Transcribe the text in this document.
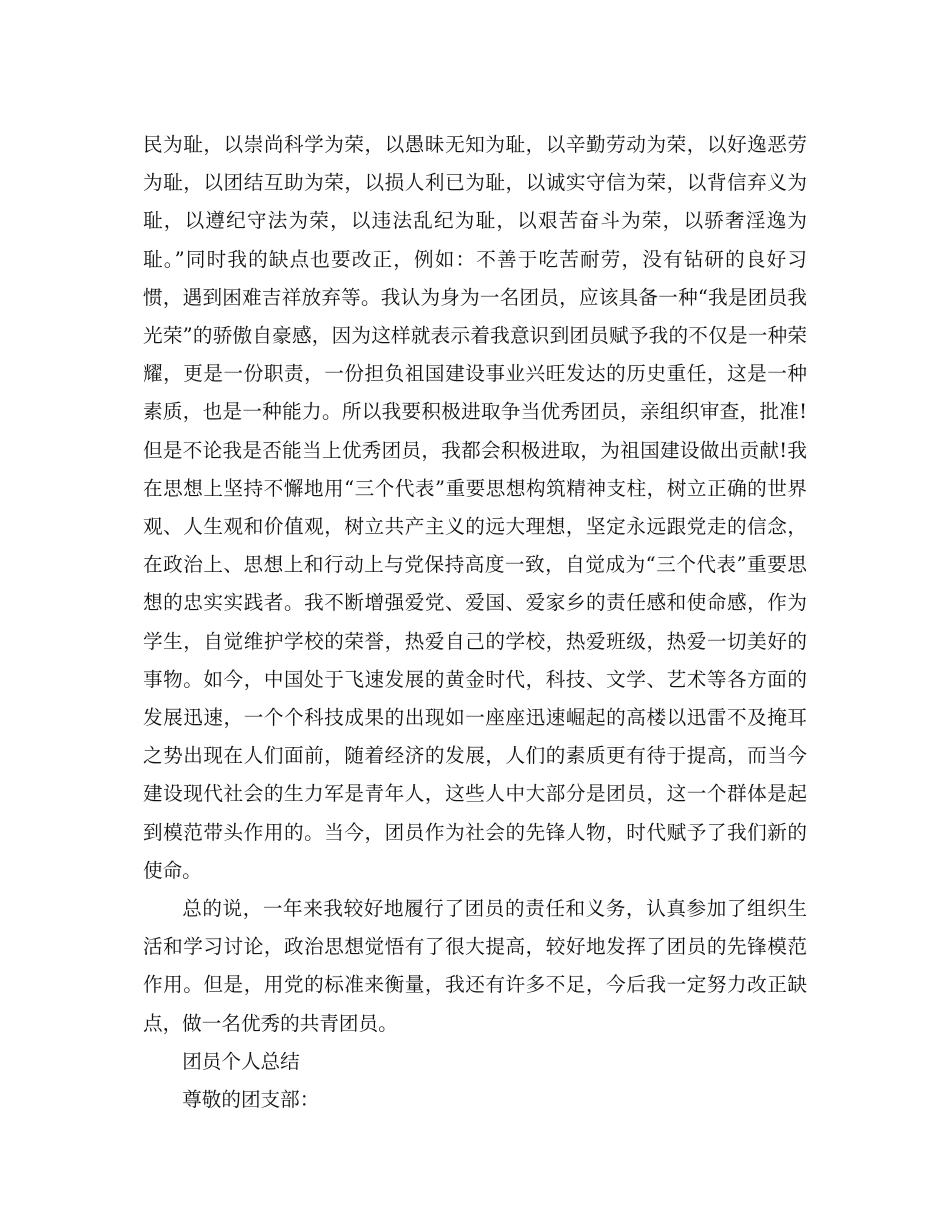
民为耻，以崇尚科学为荣，以愚昧无知为耻，以辛勤劳动为荣，以好逸恶劳为耻，以团结互助为荣，以损人利已为耻，以诚实守信为荣，以背信弃义为耻，以遵纪守法为荣，以违法乱纪为耻，以艰苦奋斗为荣，以骄奢淫逸为耻。”同时我的缺点也要改正，例如：不善于吃苦耐劳，没有钻研的良好习惯，遇到困难吉祥放弃等。我认为身为一名团员，应该具备一种“我是团员我光荣”的骄傲自豪感，因为这样就表示着我意识到团员赋予我的不仅是一种荣耀，更是一份职责，一份担负祖国建设事业兴旺发达的历史重任，这是一种素质，也是一种能力。所以我要积极进取争当优秀团员，亲组织审查，批准!但是不论我是否能当上优秀团员，我都会积极进取，为祖国建设做出贡献!我在思想上坚持不懈地用“三个代表”重要思想构筑精神支柱，树立正确的世界观、人生观和价值观，树立共产主义的远大理想，坚定永远跟党走的信念，在政治上、思想上和行动上与党保持高度一致，自觉成为“三个代表”重要思想的忠实实践者。我不断增强爱党、爱国、爱家乡的责任感和使命感，作为学生，自觉维护学校的荣誉，热爱自己的学校，热爱班级，热爱一切美好的事物。如今，中国处于飞速发展的黄金时代，科技、文学、艺术等各方面的发展迅速，一个个科技成果的出现如一座座迅速崛起的高楼以迅雷不及掩耳之势出现在人们面前，随着经济的发展，人们的素质更有待于提高，而当今建设现代社会的生力军是青年人，这些人中大部分是团员，这一个群体是起到模范带头作用的。当今，团员作为社会的先锋人物，时代赋予了我们新的使命。

总的说，一年来我较好地履行了团员的责任和义务，认真参加了组织生活和学习讨论，政治思想觉悟有了很大提高，较好地发挥了团员的先锋模范作用。但是，用党的标准来衡量，我还有许多不足，今后我一定努力改正缺点，做一名优秀的共青团员。

团员个人总结

尊敬的团支部：
